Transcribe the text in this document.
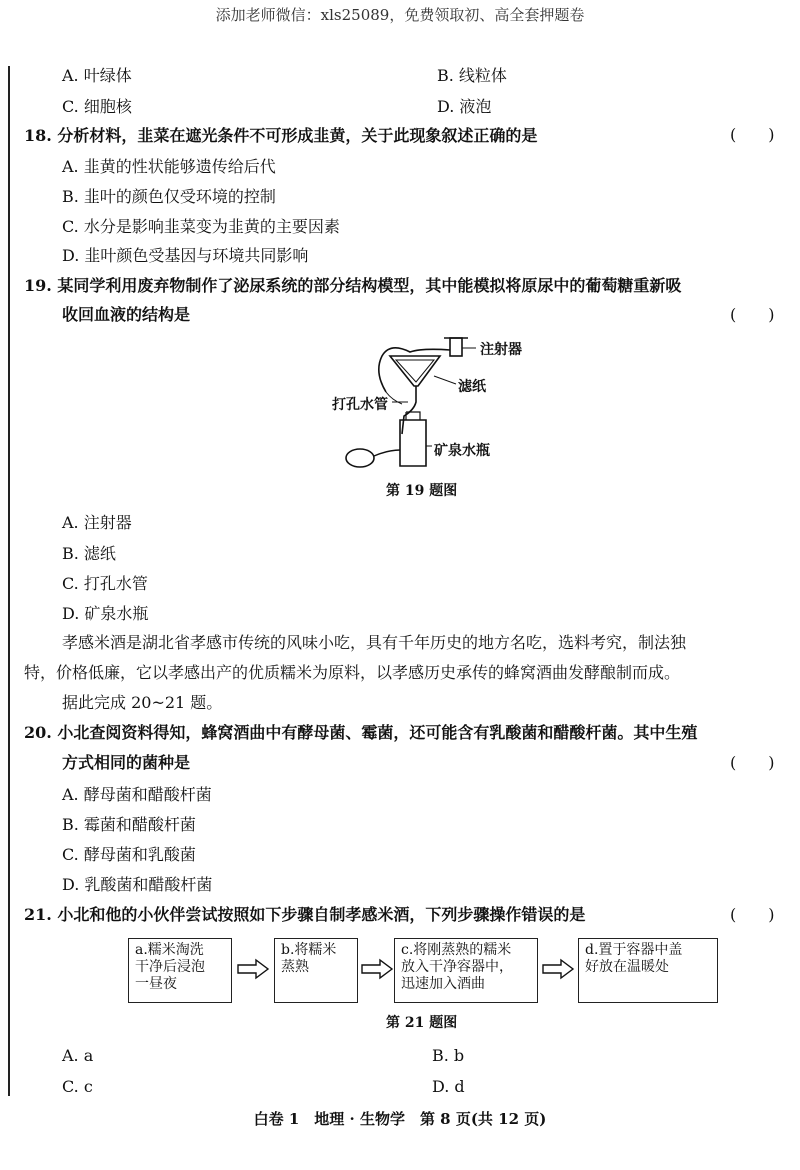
添加老师微信：xls25089，免费领取初、高全套押题卷
A. 叶绿体	B. 线粒体
C. 细胞核	D. 液泡
18. 分析材料，韭菜在遮光条件不可形成韭黄，关于此现象叙述正确的是	(　　)
A. 韭黄的性状能够遗传给后代
B. 韭叶的颜色仅受环境的控制
C. 水分是影响韭菜变为韭黄的主要因素
D. 韭叶颜色受基因与环境共同影响
19. 某同学利用废弃物制作了泌尿系统的部分结构模型，其中能模拟将原尿中的葡萄糖重新吸
收回血液的结构是	(　　)
注射器
滤纸
打孔水管
矿泉水瓶
第 19 题图
A. 注射器
B. 滤纸
C. 打孔水管
D. 矿泉水瓶
孝感米酒是湖北省孝感市传统的风味小吃，具有千年历史的地方名吃，选料考究，制法独
特，价格低廉，它以孝感出产的优质糯米为原料，以孝感历史承传的蜂窝酒曲发酵酿制而成。
据此完成 20~21 题。
20. 小北查阅资料得知，蜂窝酒曲中有酵母菌、霉菌，还可能含有乳酸菌和醋酸杆菌。其中生殖
方式相同的菌种是	(　　)
A. 酵母菌和醋酸杆菌
B. 霉菌和醋酸杆菌
C. 酵母菌和乳酸菌
D. 乳酸菌和醋酸杆菌
21. 小北和他的小伙伴尝试按照如下步骤自制孝感米酒，下列步骤操作错误的是	(　　)
a.糯米淘洗
干净后浸泡
一昼夜
b.将糯米
蒸熟
c.将刚蒸熟的糯米
放入干净容器中，
迅速加入酒曲
d.置于容器中盖
好放在温暖处
第 21 题图
A. a	B. b
C. c	D. d
白卷 1　地理 · 生物学　第 8 页(共 12 页)
